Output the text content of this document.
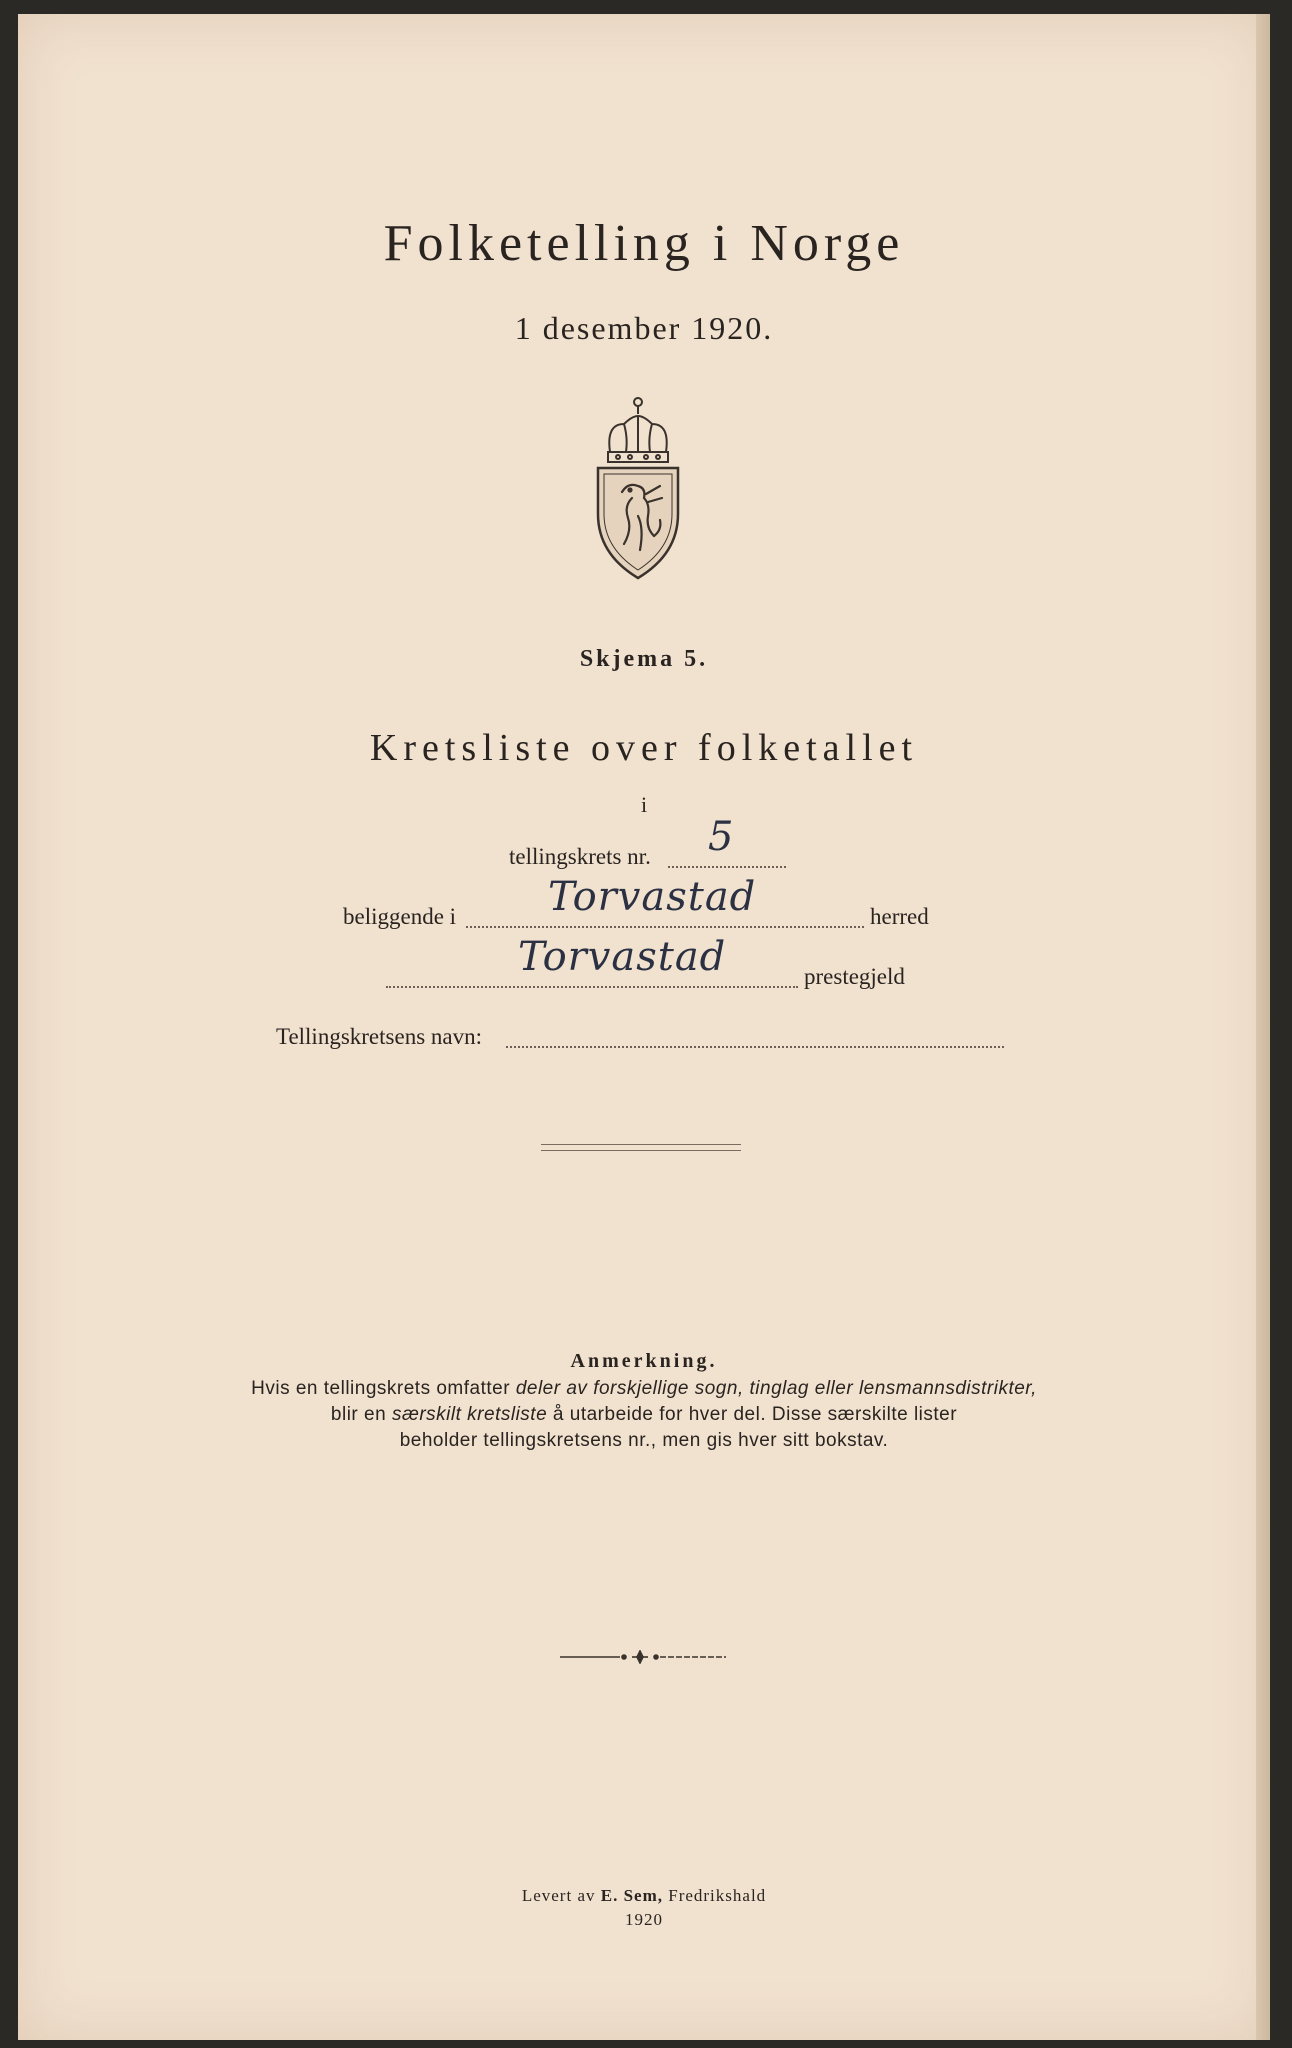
Folketelling i Norge
1 desember 1920.
Skjema 5.
Kretsliste over folketallet
i
tellingskrets nr. 5
beliggende i Torvastad	herred
Torvastad	prestegjeld
Tellingskretsens navn:
Anmerkning.
Hvis en tellingskrets omfatter deler av forskjellige sogn, tinglag eller lensmannsdistrikter,
blir en særskilt kretsliste å utarbeide for hver del. Disse særskilte lister
beholder tellingskretsens nr., men gis hver sitt bokstav.
Levert av E. Sem, Fredrikshald
1920
